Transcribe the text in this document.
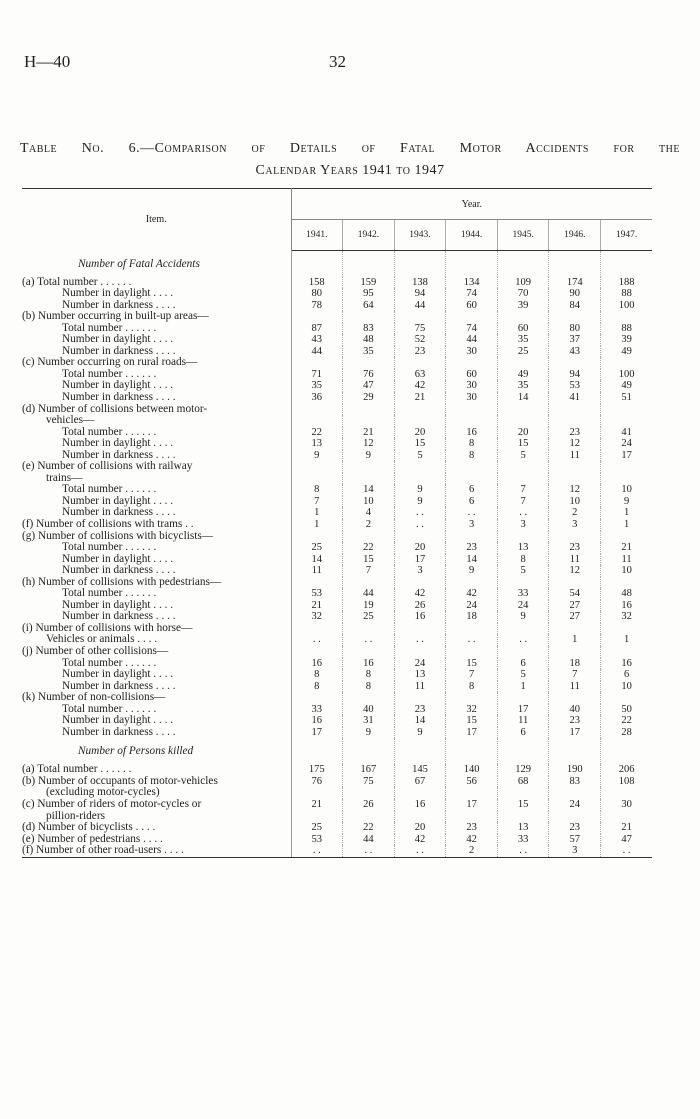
H—40	32
Table No. 6.—Comparison of Details of Fatal Motor Accidents for the
Calendar Years 1941 to 1947
Item.	Year.						
	1941.	1942.	1943.	1944.	1945.	1946.	1947.
Number of Fatal Accidents							
(a) Total number . . . . . .	158	159	138	134	109	174	188
Number in daylight . . . .	80	95	94	74	70	90	88
Number in darkness . . . .	78	64	44	60	39	84	100
(b) Number occurring in built-up areas—							
Total number . . . . . .	87	83	75	74	60	80	88
Number in daylight . . . .	43	48	52	44	35	37	39
Number in darkness . . . .	44	35	23	30	25	43	49
(c) Number occurring on rural roads—							
Total number . . . . . .	71	76	63	60	49	94	100
Number in daylight . . . .	35	47	42	30	35	53	49
Number in darkness . . . .	36	29	21	30	14	41	51
(d) Number of collisions between motor-							
vehicles—							
Total number . . . . . .	22	21	20	16	20	23	41
Number in daylight . . . .	13	12	15	8	15	12	24
Number in darkness . . . .	9	9	5	8	5	11	17
(e) Number of collisions with railway							
trains—							
Total number . . . . . .	8	14	9	6	7	12	10
Number in daylight . . . .	7	10	9	6	7	10	9
Number in darkness . . . .	1	4	. .	. .	. .	2	1
(f) Number of collisions with trams . .	1	2	. .	3	3	3	1
(g) Number of collisions with bicyclists—							
Total number . . . . . .	25	22	20	23	13	23	21
Number in daylight . . . .	14	15	17	14	8	11	11
Number in darkness . . . .	11	7	3	9	5	12	10
(h) Number of collisions with pedestrians—							
Total number . . . . . .	53	44	42	42	33	54	48
Number in daylight . . . .	21	19	26	24	24	27	16
Number in darkness . . . .	32	25	16	18	9	27	32
(i) Number of collisions with horse—							
Vehicles or animals . . . .	. .	. .	. .	. .	. .	1	1
(j) Number of other collisions—							
Total number . . . . . .	16	16	24	15	6	18	16
Number in daylight . . . .	8	8	13	7	5	7	6
Number in darkness . . . .	8	8	11	8	1	11	10
(k) Number of non-collisions—							
Total number . . . . . .	33	40	23	32	17	40	50
Number in daylight . . . .	16	31	14	15	11	23	22
Number in darkness . . . .	17	9	9	17	6	17	28
Number of Persons killed							
(a) Total number . . . . . .	175	167	145	140	129	190	206
(b) Number of occupants of motor-vehicles	76	75	67	56	68	83	108
(excluding motor-cycles)							
(c) Number of riders of motor-cycles or	21	26	16	17	15	24	30
pillion-riders							
(d) Number of bicyclists . . . .	25	22	20	23	13	23	21
(e) Number of pedestrians . . . .	53	44	42	42	33	57	47
(f) Number of other road-users . . . .	. .	. .	. .	2	. .	3	. .
